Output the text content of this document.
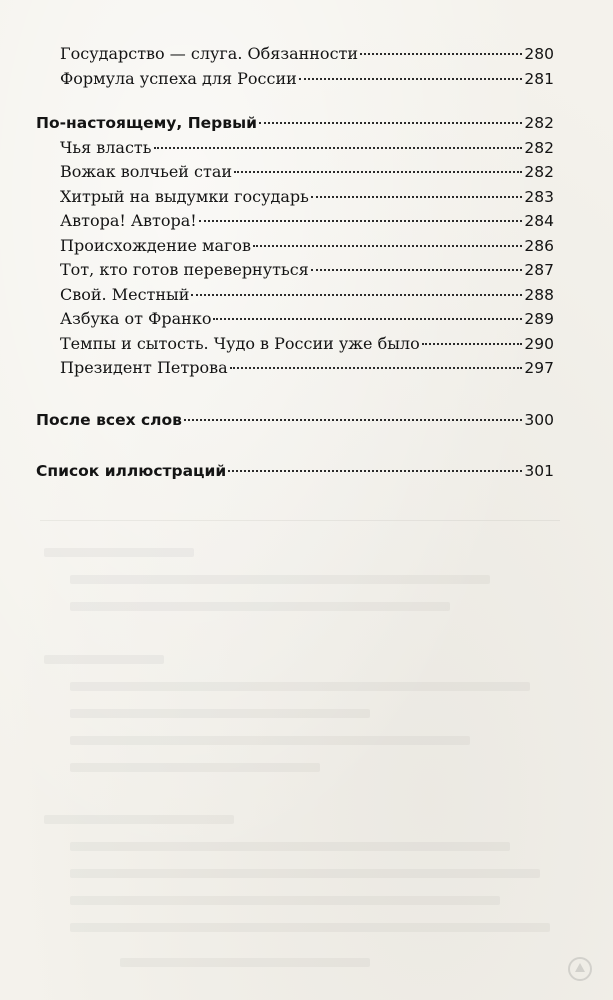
Государство — слуга. Обязанности	280
Формула успеха для России	281
По-настоящему, Первый	282
Чья власть	282
Вожак волчьей стаи	282
Хитрый на выдумки государь	283
Автора! Автора!	284
Происхождение магов	286
Тот, кто готов перевернуться	287
Свой. Местный	288
Азбука от Франко	289
Темпы и сытость. Чудо в России уже было	290
Президент Петрова	297
После всех слов	300
Список иллюстраций	301
